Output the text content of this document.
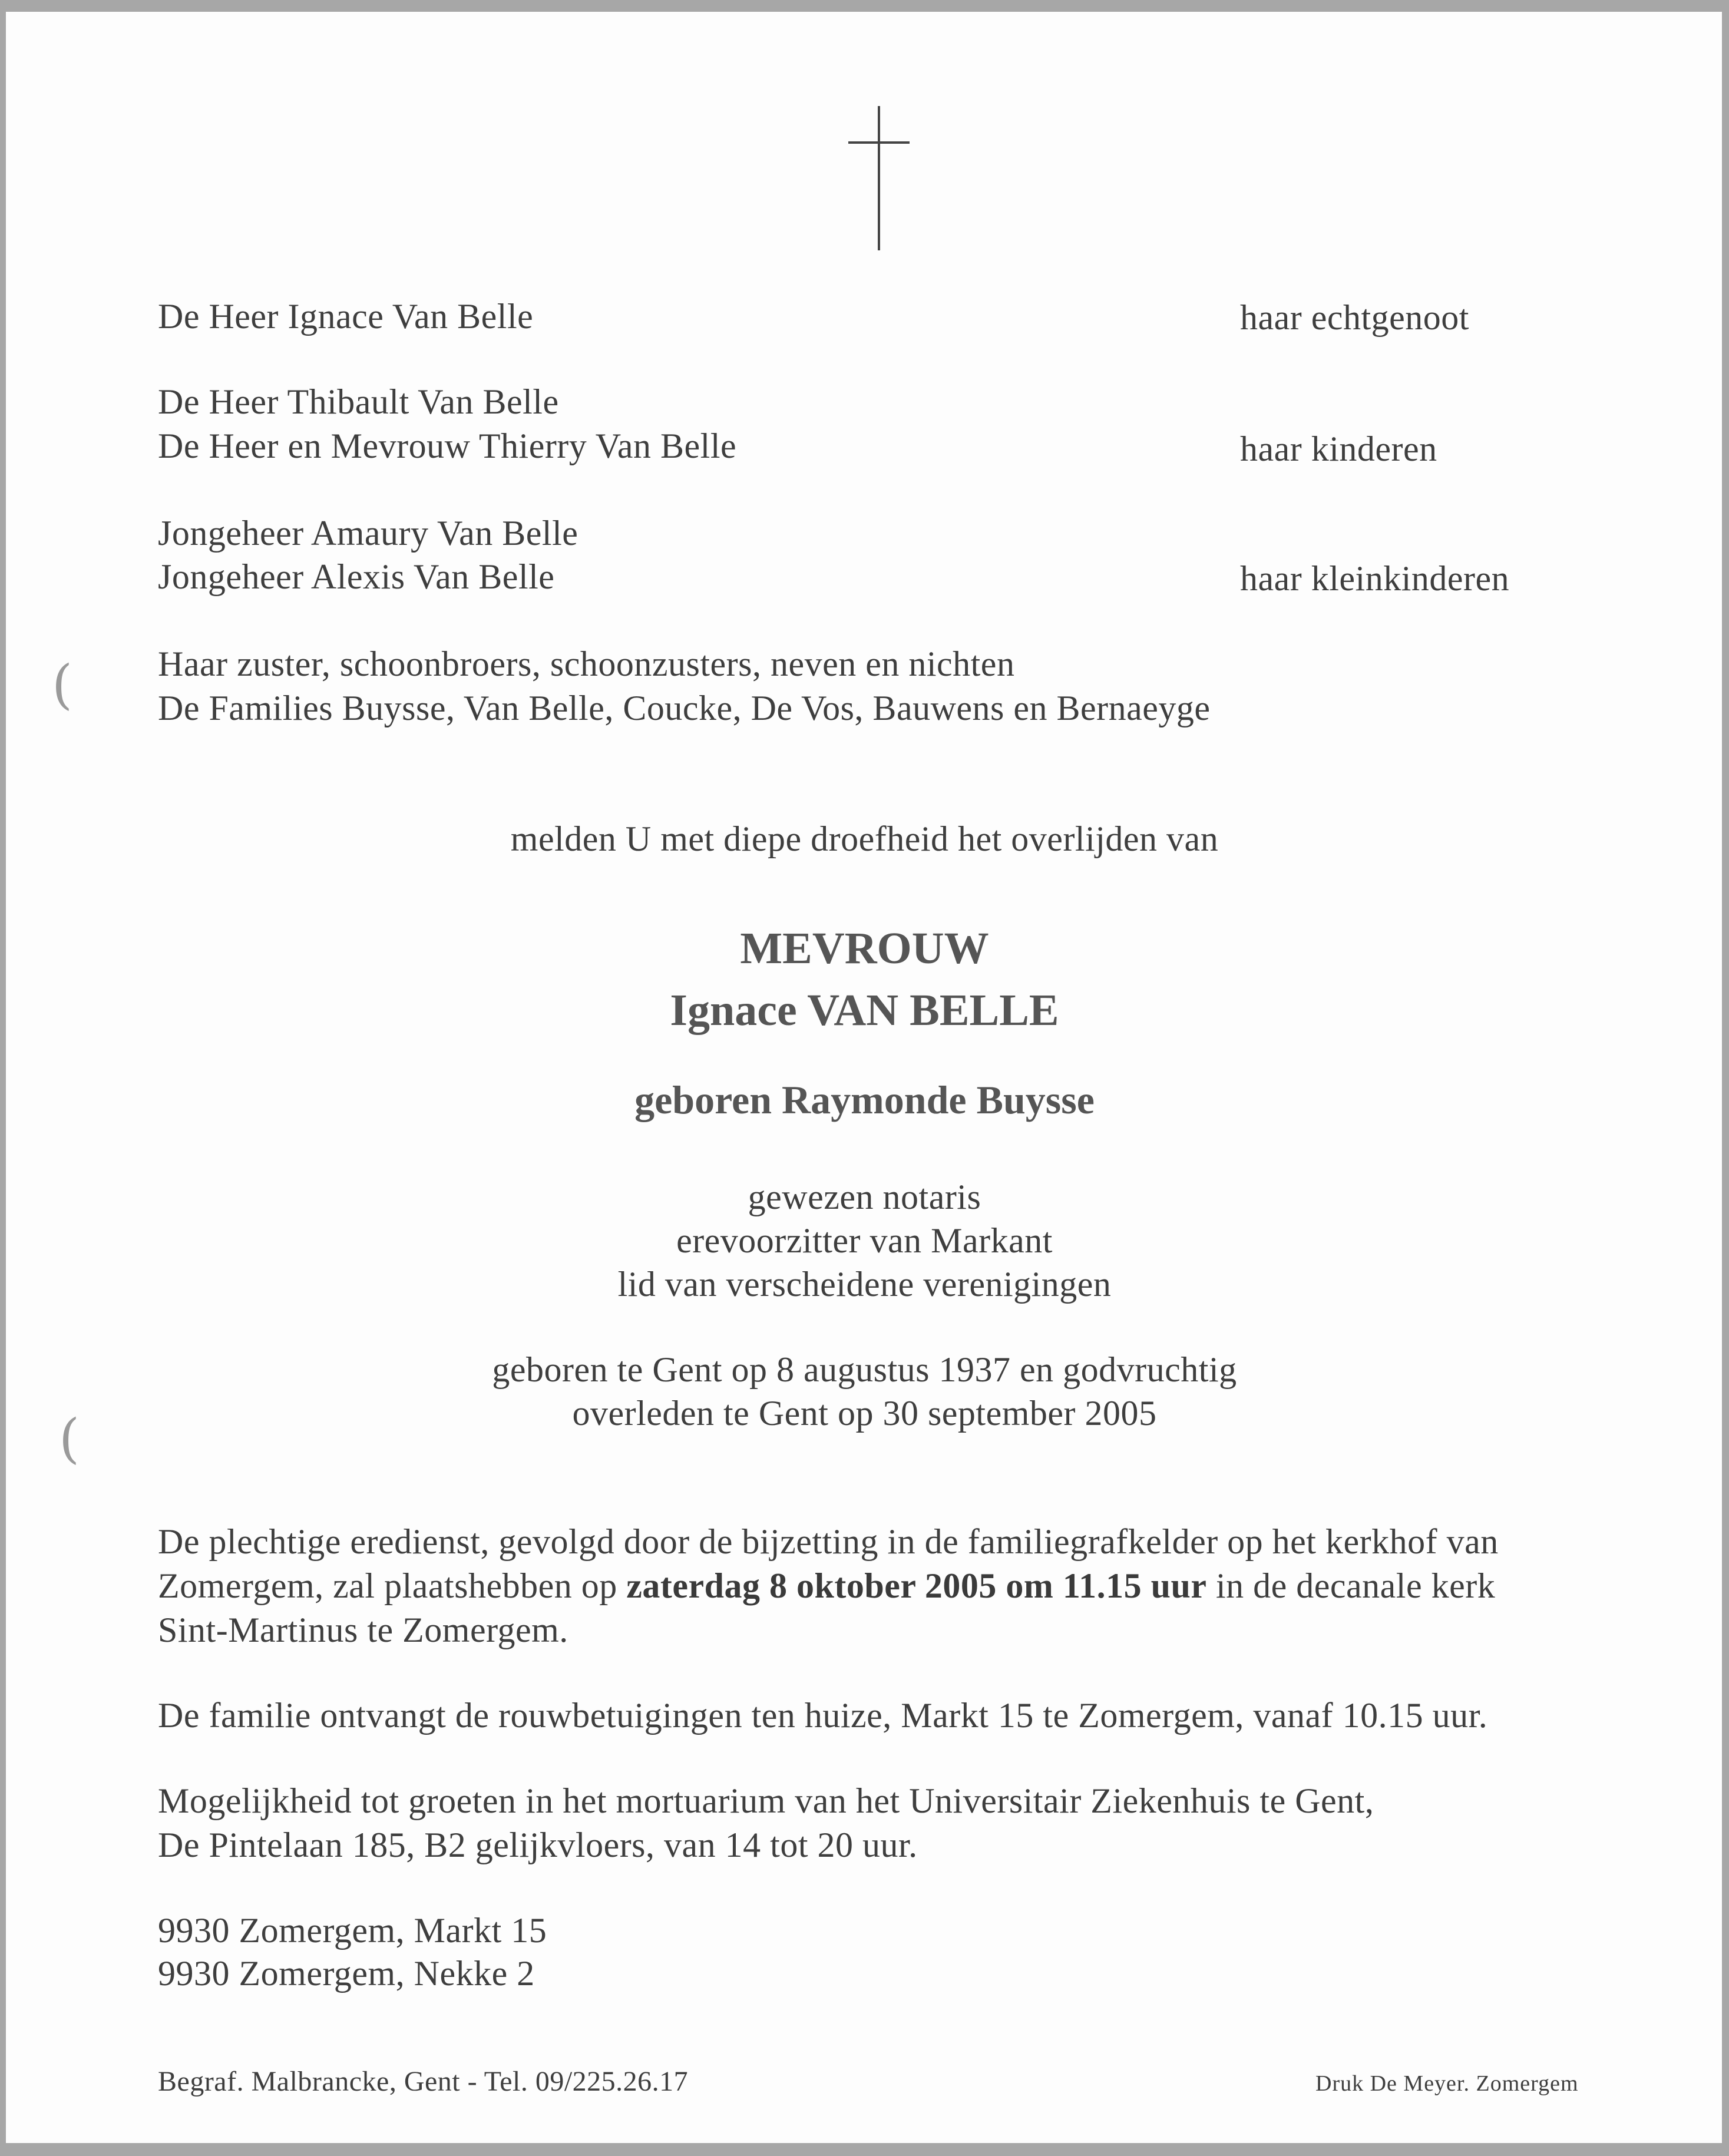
De Heer Ignace Van Belle	haar echtgenoot
De Heer Thibault Van Belle
De Heer en Mevrouw Thierry Van Belle	haar kinderen
Jongeheer Amaury Van Belle
Jongeheer Alexis Van Belle	haar kleinkinderen
Haar zuster, schoonbroers, schoonzusters, neven en nichten
De Families Buysse, Van Belle, Coucke, De Vos, Bauwens en Bernaeyge
melden U met diepe droefheid het overlijden van
MEVROUW
Ignace VAN BELLE
geboren Raymonde Buysse
gewezen notaris
erevoorzitter van Markant
lid van verscheidene verenigingen
geboren te Gent op 8 augustus 1937 en godvruchtig
overleden te Gent op 30 september 2005
De plechtige eredienst, gevolgd door de bijzetting in de familiegrafkelder op het kerkhof van
Zomergem, zal plaatshebben op zaterdag 8 oktober 2005 om 11.15 uur in de decanale kerk
Sint-Martinus te Zomergem.
De familie ontvangt de rouwbetuigingen ten huize, Markt 15 te Zomergem, vanaf 10.15 uur.
Mogelijkheid tot groeten in het mortuarium van het Universitair Ziekenhuis te Gent,
De Pintelaan 185, B2 gelijkvloers, van 14 tot 20 uur.
9930 Zomergem, Markt 15
9930 Zomergem, Nekke 2
Begraf. Malbrancke, Gent - Tel. 09/225.26.17	Druk De Meyer. Zomergem
(
(
